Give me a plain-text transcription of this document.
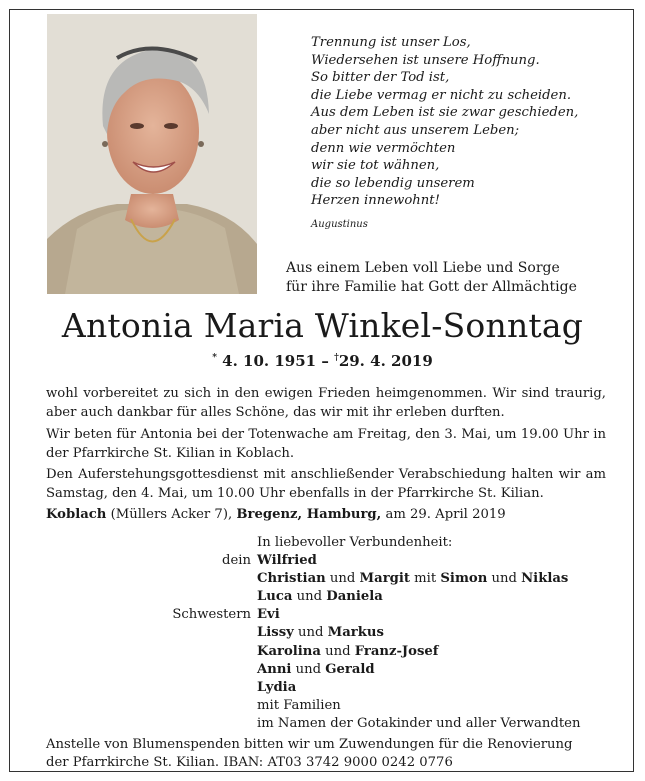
Trennung ist unser Los,
Wiedersehen ist unsere Hoffnung.
So bitter der Tod ist,
die Liebe vermag er nicht zu scheiden.
Aus dem Leben ist sie zwar geschieden,
aber nicht aus unserem Leben;
denn wie vermöchten
wir sie tot wähnen,
die so lebendig unserem
Herzen innewohnt!
Augustinus
Aus einem Leben voll Liebe und Sorge
für ihre Familie hat Gott der Allmächtige
Antonia Maria Winkel-Sonntag
* 4. 10. 1951 – †29. 4. 2019

wohl vorbereitet zu sich in den ewigen Frieden heimgenommen. Wir sind traurig, aber auch dankbar für alles Schöne, das wir mit ihr erleben durften.

Wir beten für Antonia bei der Totenwache am Freitag, den 3. Mai, um 19.00 Uhr in der Pfarrkirche St. Kilian in Koblach.

Den Auferstehungsgottesdienst mit anschließender Verabschiedung halten wir am Samstag, den 4. Mai, um 10.00 Uhr ebenfalls in der Pfarrkirche St. Kilian.

Koblach (Müllers Acker 7), Bregenz, Hamburg, am 29. April 2019
In liebevoller Verbundenheit:
dein Wilfried
Christian und Margit mit Simon und Niklas
Luca und Daniela
Schwestern Evi
Lissy und Markus
Karolina und Franz-Josef
Anni und Gerald
Lydia
mit Familien
im Namen der Gotakinder und aller Verwandten
Anstelle von Blumenspenden bitten wir um Zuwendungen für die Renovierung
der Pfarrkirche St. Kilian. IBAN: AT03 3742 9000 0242 0776
